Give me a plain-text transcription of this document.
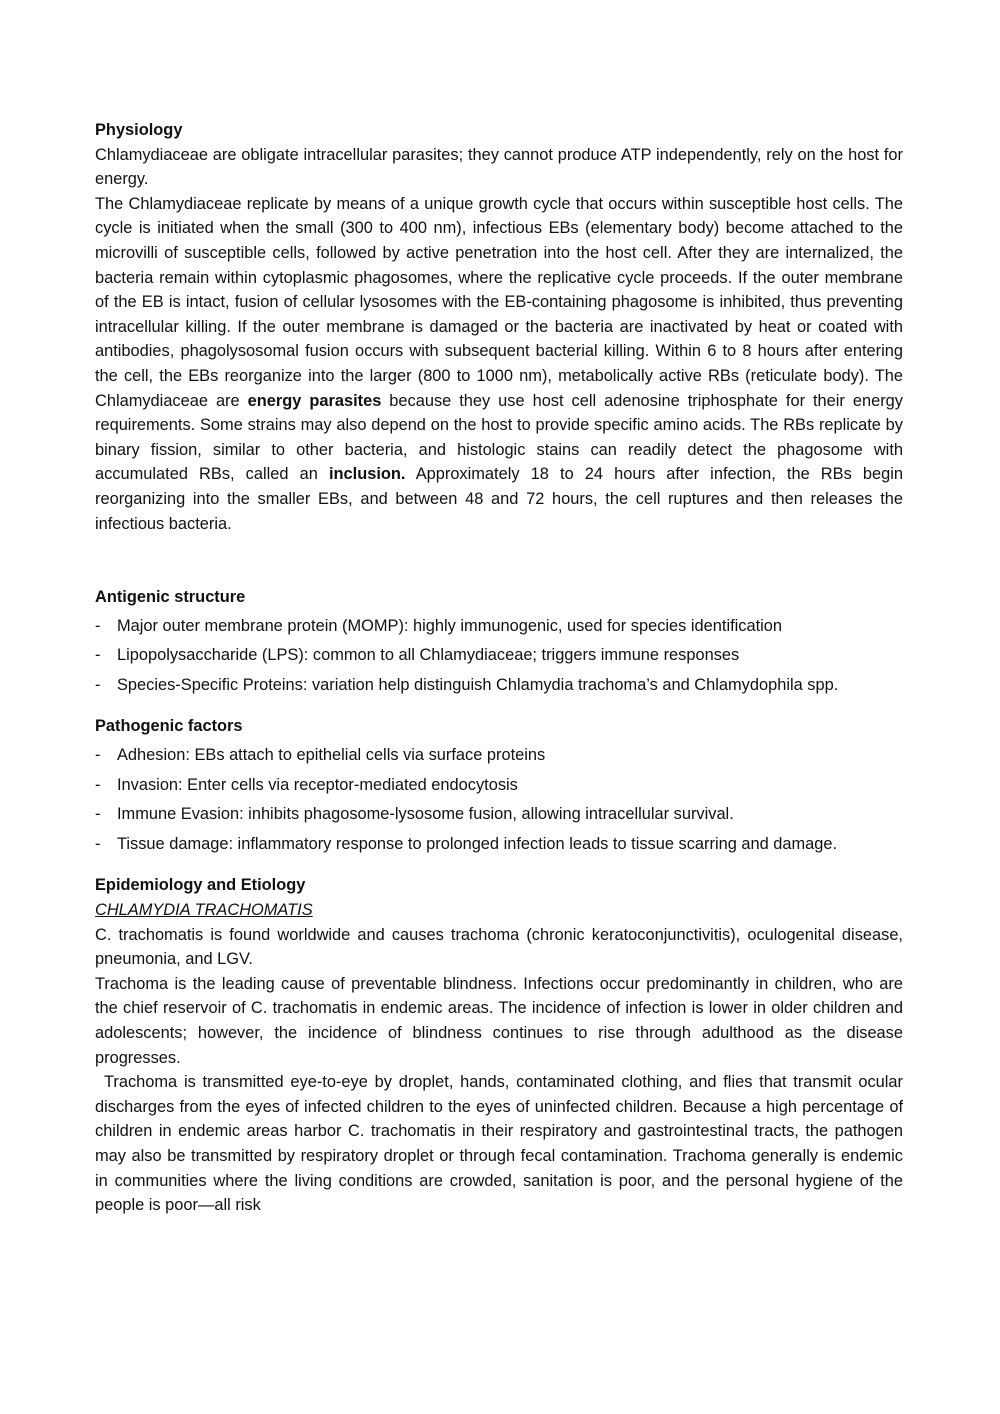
Physiology

Chlamydiaceae are obligate intracellular parasites; they cannot produce ATP independently, rely on the host for energy.

The Chlamydiaceae replicate by means of a unique growth cycle that occurs within susceptible host cells. The cycle is initiated when the small (300 to 400 nm), infectious EBs (elementary body) become attached to the microvilli of susceptible cells, followed by active penetration into the host cell. After they are internalized, the bacteria remain within cytoplasmic phagosomes, where the replicative cycle proceeds. If the outer membrane of the EB is intact, fusion of cellular lysosomes with the EB-containing phagosome is inhibited, thus preventing intracellular killing. If the outer membrane is damaged or the bacteria are inactivated by heat or coated with antibodies, phagolysosomal fusion occurs with subsequent bacterial killing. Within 6 to 8 hours after entering the cell, the EBs reorganize into the larger (800 to 1000 nm), metabolically active RBs (reticulate body). The Chlamydiaceae are energy parasites because they use host cell adenosine triphosphate for their energy requirements. Some strains may also depend on the host to provide specific amino acids. The RBs replicate by binary fission, similar to other bacteria, and histologic stains can readily detect the phagosome with accumulated RBs, called an inclusion. Approximately 18 to 24 hours after infection, the RBs begin reorganizing into the smaller EBs, and between 48 and 72 hours, the cell ruptures and then releases the infectious bacteria.

Antigenic structure

- Major outer membrane protein (MOMP): highly immunogenic, used for species identification
- Lipopolysaccharide (LPS): common to all Chlamydiaceae; triggers immune responses
- Species-Specific Proteins: variation help distinguish Chlamydia trachoma’s and Chlamydophila spp.

Pathogenic factors

- Adhesion: EBs attach to epithelial cells via surface proteins
- Invasion: Enter cells via receptor-mediated endocytosis
- Immune Evasion: inhibits phagosome-lysosome fusion, allowing intracellular survival.
- Tissue damage: inflammatory response to prolonged infection leads to tissue scarring and damage.

Epidemiology and Etiology

CHLAMYDIA TRACHOMATIS

C. trachomatis is found worldwide and causes trachoma (chronic keratoconjunctivitis), oculogenital disease, pneumonia, and LGV.

Trachoma is the leading cause of preventable blindness. Infections occur predominantly in children, who are the chief reservoir of C. trachomatis in endemic areas. The incidence of infection is lower in older children and adolescents; however, the incidence of blindness continues to rise through adulthood as the disease progresses.

Trachoma is transmitted eye-to-eye by droplet, hands, contaminated clothing, and flies that transmit ocular discharges from the eyes of infected children to the eyes of uninfected children. Because a high percentage of children in endemic areas harbor C. trachomatis in their respiratory and gastrointestinal tracts, the pathogen may also be transmitted by respiratory droplet or through fecal contamination. Trachoma generally is endemic in communities where the living conditions are crowded, sanitation is poor, and the personal hygiene of the people is poor—all risk
